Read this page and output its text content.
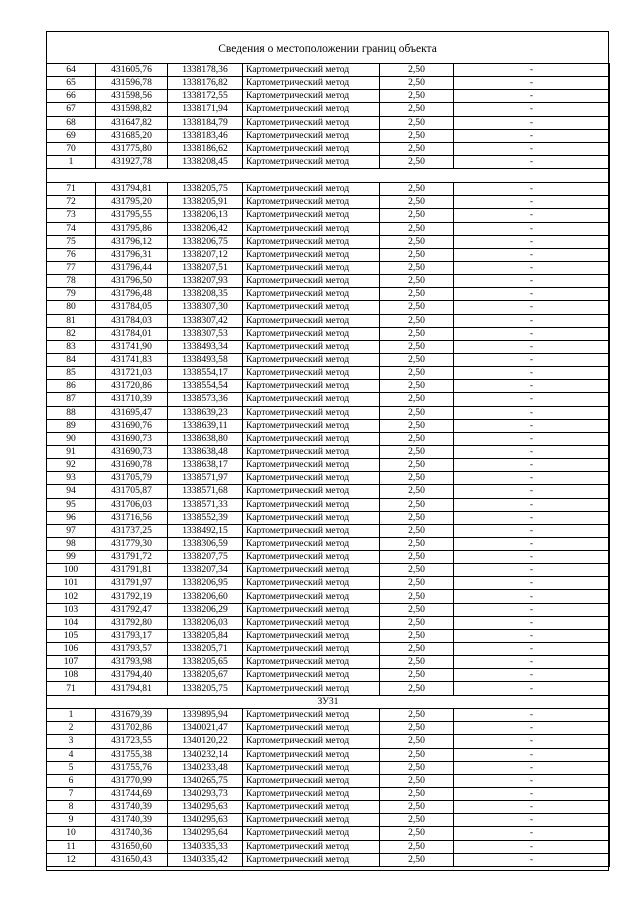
Сведения о местоположении границ объекта
64	431605,76	1338178,36	Картометрический метод	2,50	-
65	431596,78	1338176,82	Картометрический метод	2,50	-
66	431598,56	1338172,55	Картометрический метод	2,50	-
67	431598,82	1338171,94	Картометрический метод	2,50	-
68	431647,82	1338184,79	Картометрический метод	2,50	-
69	431685,20	1338183,46	Картометрический метод	2,50	-
70	431775,80	1338186,62	Картометрический метод	2,50	-
1	431927,78	1338208,45	Картометрический метод	2,50	-

71	431794,81	1338205,75	Картометрический метод	2,50	-
72	431795,20	1338205,91	Картометрический метод	2,50	-
73	431795,55	1338206,13	Картометрический метод	2,50	-
74	431795,86	1338206,42	Картометрический метод	2,50	-
75	431796,12	1338206,75	Картометрический метод	2,50	-
76	431796,31	1338207,12	Картометрический метод	2,50	-
77	431796,44	1338207,51	Картометрический метод	2,50	-
78	431796,50	1338207,93	Картометрический метод	2,50	-
79	431796,48	1338208,35	Картометрический метод	2,50	-
80	431784,05	1338307,30	Картометрический метод	2,50	-
81	431784,03	1338307,42	Картометрический метод	2,50	-
82	431784,01	1338307,53	Картометрический метод	2,50	-
83	431741,90	1338493,34	Картометрический метод	2,50	-
84	431741,83	1338493,58	Картометрический метод	2,50	-
85	431721,03	1338554,17	Картометрический метод	2,50	-
86	431720,86	1338554,54	Картометрический метод	2,50	-
87	431710,39	1338573,36	Картометрический метод	2,50	-
88	431695,47	1338639,23	Картометрический метод	2,50	-
89	431690,76	1338639,11	Картометрический метод	2,50	-
90	431690,73	1338638,80	Картометрический метод	2,50	-
91	431690,73	1338638,48	Картометрический метод	2,50	-
92	431690,78	1338638,17	Картометрический метод	2,50	-
93	431705,79	1338571,97	Картометрический метод	2,50	-
94	431705,87	1338571,68	Картометрический метод	2,50	-
95	431706,03	1338571,33	Картометрический метод	2,50	-
96	431716,56	1338552,39	Картометрический метод	2,50	-
97	431737,25	1338492,15	Картометрический метод	2,50	-
98	431779,30	1338306,59	Картометрический метод	2,50	-
99	431791,72	1338207,75	Картометрический метод	2,50	-
100	431791,81	1338207,34	Картометрический метод	2,50	-
101	431791,97	1338206,95	Картометрический метод	2,50	-
102	431792,19	1338206,60	Картометрический метод	2,50	-
103	431792,47	1338206,29	Картометрический метод	2,50	-
104	431792,80	1338206,03	Картометрический метод	2,50	-
105	431793,17	1338205,84	Картометрический метод	2,50	-
106	431793,57	1338205,71	Картометрический метод	2,50	-
107	431793,98	1338205,65	Картометрический метод	2,50	-
108	431794,40	1338205,67	Картометрический метод	2,50	-
71	431794,81	1338205,75	Картометрический метод	2,50	-
ЗУ31					
1	431679,39	1339895,94	Картометрический метод	2,50	-
2	431702,86	1340021,47	Картометрический метод	2,50	-
3	431723,55	1340120,22	Картометрический метод	2,50	-
4	431755,38	1340232,14	Картометрический метод	2,50	-
5	431755,76	1340233,48	Картометрический метод	2,50	-
6	431770,99	1340265,75	Картометрический метод	2,50	-
7	431744,69	1340293,73	Картометрический метод	2,50	-
8	431740,39	1340295,63	Картометрический метод	2,50	-
9	431740,39	1340295,63	Картометрический метод	2,50	-
10	431740,36	1340295,64	Картометрический метод	2,50	-
11	431650,60	1340335,33	Картометрический метод	2,50	-
12	431650,43	1340335,42	Картометрический метод	2,50	-
